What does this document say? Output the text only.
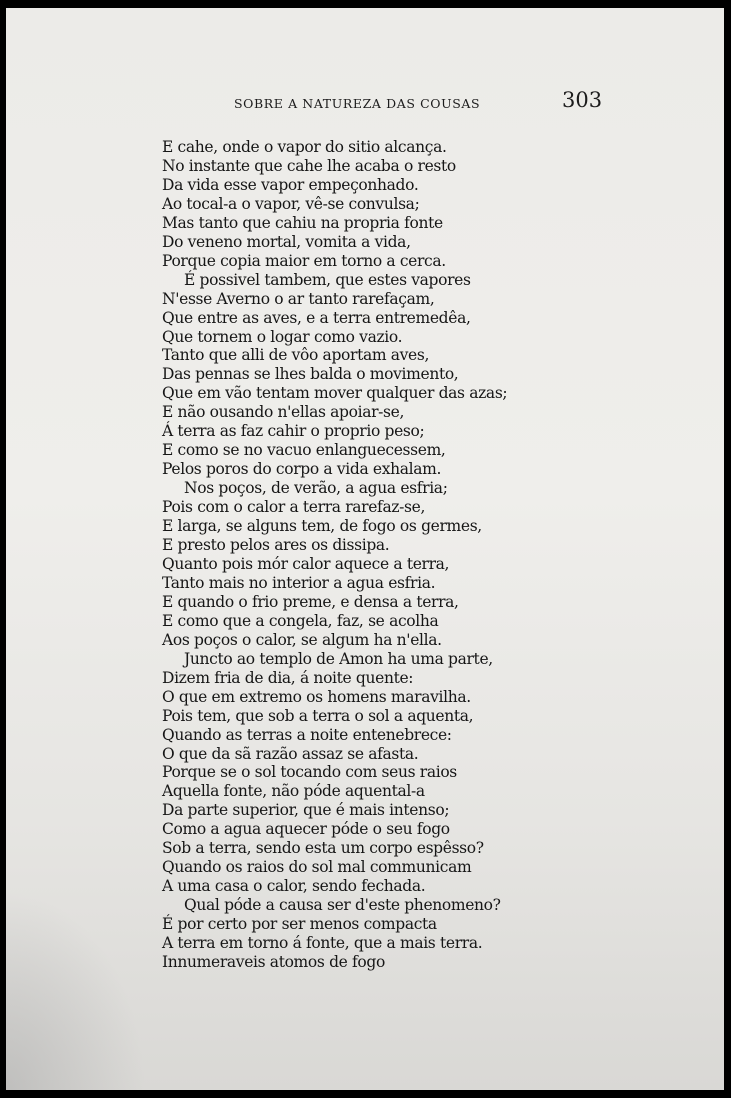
SOBRE A NATUREZA DAS COUSAS	303
E cahe, onde o vapor do sitio alcança.
No instante que cahe lhe acaba o resto
Da vida esse vapor empeçonhado.
Ao tocal-a o vapor, vê-se convulsa;
Mas tanto que cahiu na propria fonte
Do veneno mortal, vomita a vida,
Porque copia maior em torno a cerca.
É possivel tambem, que estes vapores
N'esse Averno o ar tanto rarefaçam,
Que entre as aves, e a terra entremedêa,
Que tornem o logar como vazio.
Tanto que alli de vôo aportam aves,
Das pennas se lhes balda o movimento,
Que em vão tentam mover qualquer das azas;
E não ousando n'ellas apoiar-se,
Á terra as faz cahir o proprio peso;
E como se no vacuo enlanguecessem,
Pelos poros do corpo a vida exhalam.
Nos poços, de verão, a agua esfria;
Pois com o calor a terra rarefaz-se,
E larga, se alguns tem, de fogo os germes,
E presto pelos ares os dissipa.
Quanto pois mór calor aquece a terra,
Tanto mais no interior a agua esfria.
E quando o frio preme, e densa a terra,
E como que a congela, faz, se acolha
Aos poços o calor, se algum ha n'ella.
Juncto ao templo de Amon ha uma parte,
Dizem fria de dia, á noite quente:
O que em extremo os homens maravilha.
Pois tem, que sob a terra o sol a aquenta,
Quando as terras a noite entenebrece:
O que da sã razão assaz se afasta.
Porque se o sol tocando com seus raios
Aquella fonte, não póde aquental-a
Da parte superior, que é mais intenso;
Como a agua aquecer póde o seu fogo
Sob a terra, sendo esta um corpo espêsso?
Quando os raios do sol mal communicam
A uma casa o calor, sendo fechada.
Qual póde a causa ser d'este phenomeno?
É por certo por ser menos compacta
A terra em torno á fonte, que a mais terra.
Innumeraveis atomos de fogo
